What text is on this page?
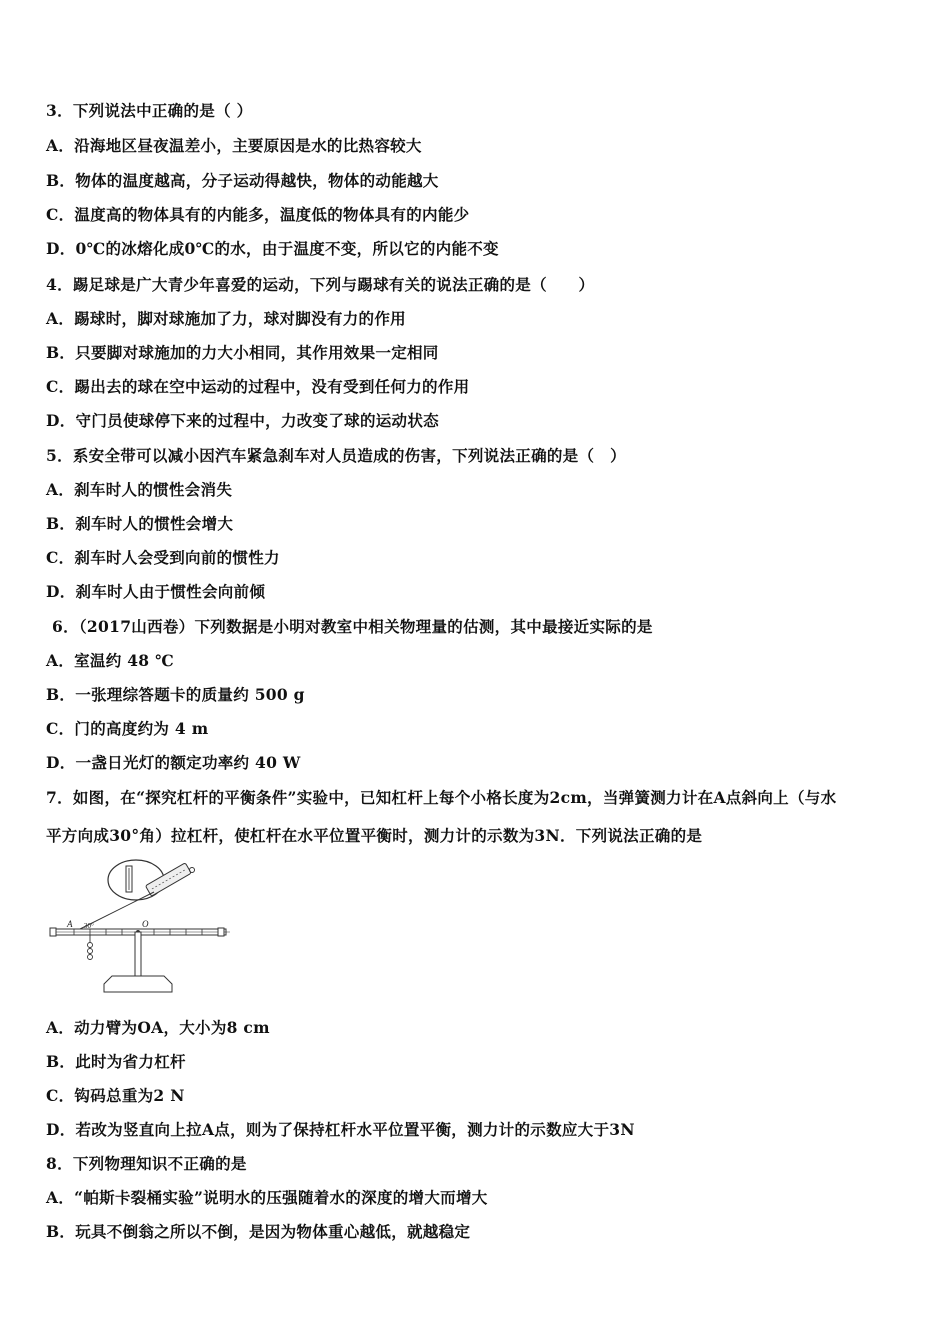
3．下列说法中正确的是（ ）
A．沿海地区昼夜温差小，主要原因是水的比热容较大
B．物体的温度越高，分子运动得越快，物体的动能越大
C．温度高的物体具有的内能多，温度低的物体具有的内能少
D．0℃的冰熔化成0℃的水，由于温度不变，所以它的内能不变
4．踢足球是广大青少年喜爱的运动，下列与踢球有关的说法正确的是（　　）
A．踢球时，脚对球施加了力，球对脚没有力的作用
B．只要脚对球施加的力大小相同，其作用效果一定相同
C．踢出去的球在空中运动的过程中，没有受到任何力的作用
D．守门员使球停下来的过程中，力改变了球的运动状态
5．系安全带可以减小因汽车紧急刹车对人员造成的伤害，下列说法正确的是（　）
A．刹车时人的惯性会消失
B．刹车时人的惯性会增大
C．刹车时人会受到向前的惯性力
D．刹车时人由于惯性会向前倾
6．（2017山西卷）下列数据是小明对教室中相关物理量的估测，其中最接近实际的是
A．室温约 48 ℃
B．一张理综答题卡的质量约 500 g
C．门的高度约为 4 m
D．一盏日光灯的额定功率约 40 W
7．如图，在“探究杠杆的平衡条件”实验中，已知杠杆上每个小格长度为2cm，当弹簧测力计在A点斜向上（与水
平方向成30°角）拉杠杆，使杠杆在水平位置平衡时，测力计的示数为3N．下列说法正确的是
O
A 30°
A．动力臂为OA，大小为8 cm
B．此时为省力杠杆
C．钩码总重为2 N
D．若改为竖直向上拉A点，则为了保持杠杆水平位置平衡，测力计的示数应大于3N
8．下列物理知识不正确的是
A．“帕斯卡裂桶实验”说明水的压强随着水的深度的增大而增大
B．玩具不倒翁之所以不倒，是因为物体重心越低，就越稳定
